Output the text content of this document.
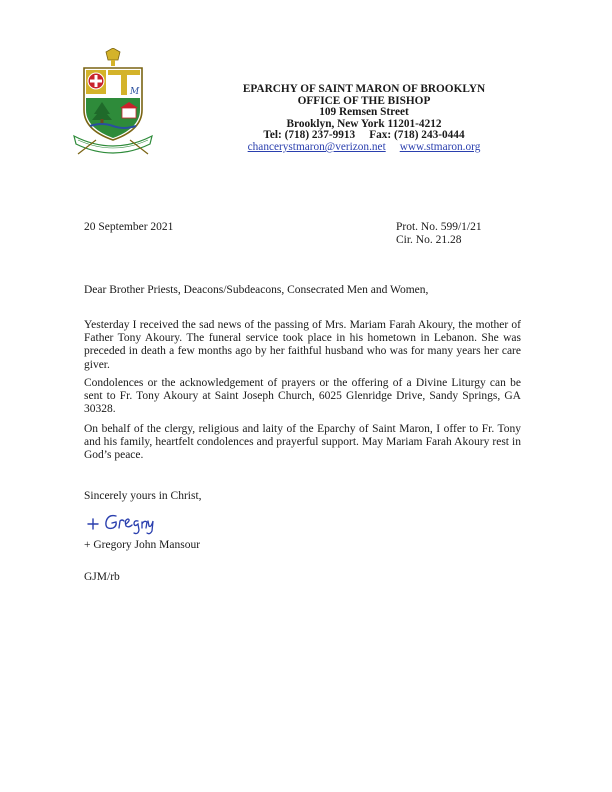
M	EPARCHY OF SAINT MARON OF BROOKLYN
OFFICE OF THE BISHOP
109 Remsen Street
Brooklyn, New York 11201-4212
Tel: (718) 237-9913 Fax: (718) 243-0444
chancerystmaron@verizon.net www.stmaron.org
20 September 2021	Prot. No. 599/1/21
Cir. No. 21.28
Dear Brother Priests, Deacons/Subdeacons, Consecrated Men and Women,

Yesterday I received the sad news of the passing of Mrs. Mariam Farah Akoury, the mother of Father Tony Akoury. The funeral service took place in his hometown in Lebanon. She was preceded in death a few months ago by her faithful husband who was for many years her care giver.

Condolences or the acknowledgement of prayers or the offering of a Divine Liturgy can be sent to Fr. Tony Akoury at Saint Joseph Church, 6025 Glenridge Drive, Sandy Springs, GA 30328.

On behalf of the clergy, religious and laity of the Eparchy of Saint Maron, I offer to Fr. Tony and his family, heartfelt condolences and prayerful support. May Mariam Farah Akoury rest in God’s peace.

Sincerely yours in Christ,
+ Gregory John Mansour
GJM/rb
